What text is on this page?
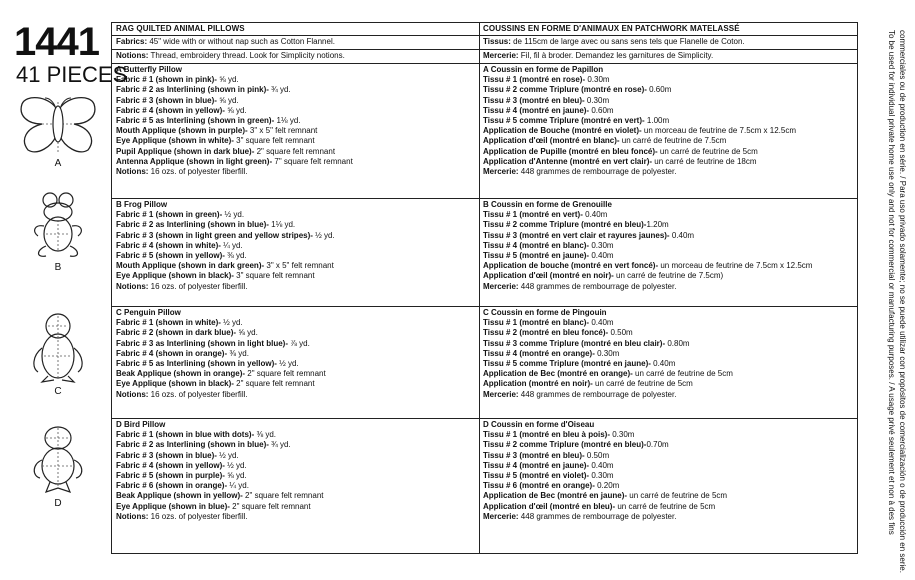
1441
41 PIECES
A
B
C
D
RAG QUILTED ANIMAL PILLOWS
Fabrics: 45" wide with or without nap such as Cotton Flannel.
Notions: Thread, embroidery thread. Look for Simplicity notions.
A Butterfly Pillow
Fabric # 1 (shown in pink)- ⅝ yd.
Fabric # 2 as Interlining (shown in pink)- ¾ yd.
Fabric # 3 (shown in blue)- ⅝ yd.
Fabric # 4 (shown in yellow)- ⅝ yd.
Fabric # 5 as Interlining (shown in green)- 1⅛ yd.
Mouth Applique (shown in purple)- 3" x 5" felt remnant
Eye Applique (shown in white)- 3" square felt remnant
Pupil Applique (shown in dark blue)- 2" square felt remnant
Antenna Applique (shown in light green)- 7" square felt remnant
Notions: 16 ozs. of polyester fiberfill.
B Frog Pillow
Fabric # 1 (shown in green)- ½ yd.
Fabric # 2 as Interlining (shown in blue)- 1⅛ yd.
Fabric # 3 (shown in light green and yellow stripes)- ½ yd.
Fabric # 4 (shown in white)- ¼ yd.
Fabric # 5 (shown in yellow)- ⅜ yd.
Mouth Applique (shown in dark green)- 3" x 5" felt remnant
Eye Applique (shown in black)- 3" square felt remnant
Notions: 16 ozs. of polyester fiberfill.
C Penguin Pillow
Fabric # 1 (shown in white)- ½ yd.
Fabric # 2 (shown in dark blue)- ⅝ yd.
Fabric # 3 as Interlining (shown in light blue)- ⅞ yd.
Fabric # 4 (shown in orange)- ⅜ yd.
Fabric # 5 as Interlining (shown in yellow)- ½ yd.
Beak Applique (shown in orange)- 2" square felt remnant
Eye Applique (shown in black)- 2" square felt remnant
Notions: 16 ozs. of polyester fiberfill.
D Bird Pillow
Fabric # 1 (shown in blue with dots)- ⅜ yd.
Fabric # 2 as Interlining (shown in blue)- ¾ yd.
Fabric # 3 (shown in blue)- ½ yd.
Fabric # 4 (shown in yellow)- ½ yd.
Fabric # 5 (shown in purple)- ⅝ yd.
Fabric # 6 (shown in orange)- ¼ yd.
Beak Applique (shown in yellow)- 2" square felt remnant
Eye Applique (shown in blue)- 2" square felt remnant
Notions: 16 ozs. of polyester fiberfill.
COUSSINS EN FORME D'ANIMAUX EN PATCHWORK MATELASSÉ
Tissus: de 115cm de large avec ou sans sens tels que Flanelle de Coton.
Mercerie: Fil, fil à broder. Demandez les garnitures de Simplicity.
A Coussin en forme de Papillon
Tissu # 1 (montré en rose)- 0.30m
Tissu # 2 comme Triplure (montré en rose)- 0.60m
Tissu # 3 (montré en bleu)- 0.30m
Tissu # 4 (montré en jaune)- 0.60m
Tissu # 5 comme Triplure (montré en vert)- 1.00m
Application de Bouche (montré en violet)- un morceau de feutrine de 7.5cm x 12.5cm
Application d'œil (montré en blanc)- un carré de feutrine de 7.5cm
Application de Pupille (montré en bleu foncé)- un carré de feutrine de 5cm
Application d'Antenne (montré en vert clair)- un carré de feutrine de 18cm
Mercerie: 448 grammes de rembourrage de polyester.
B Coussin en forme de Grenouille
Tissu # 1 (montré en vert)- 0.40m
Tissu # 2 comme Triplure (montré en bleu)-1.20m
Tissu # 3 (montré en vert clair et rayures jaunes)- 0.40m
Tissu # 4 (montré en blanc)- 0.30m
Tissu # 5 (montré en jaune)- 0.40m
Application de bouche (montré en vert foncé)- un morceau de feutrine de 7.5cm x 12.5cm
Application d'œil (montré en noir)- un carré de feutrine de 7.5cm)
Mercerie: 448 grammes de rembourrage de polyester.
C Coussin en forme de Pingouin
Tissu # 1 (montré en blanc)- 0.40m
Tissu # 2 (montré en bleu foncé)- 0.50m
Tissu # 3 comme Triplure (montré en bleu clair)- 0.80m
Tissu # 4 (montré en orange)- 0.30m
Tissu # 5 comme Triplure (montré en jaune)- 0.40m
Application de Bec (montré en orange)- un carré de feutrine de 5cm
Application (montré en noir)- un carré de feutrine de 5cm
Mercerie: 448 grammes de rembourrage de polyester.
D Coussin en forme d'Oiseau
Tissu # 1 (montré en bleu à pois)- 0.30m
Tissu # 2 comme Triplure (montré en bleu)-0.70m
Tissu # 3 (montré en bleu)- 0.50m
Tissu # 4 (montré en jaune)- 0.40m
Tissu # 5 (montré en violet)- 0.30m
Tissu # 6 (montré en orange)- 0.20m
Application de Bec (montré en jaune)- un carré de feutrine de 5cm
Application d'œil (montré en bleu)- un carré de feutrine de 5cm
Mercerie: 448 grammes de rembourrage de polyester.	To be used for individual private home use only and not for commercial or manufacturing purposes. / A usage privé seulement et non à des fins commerciales ou de production en série. / Para uso privado solamente; no se puede utilizar con propósitos de comercialización o de producción en serie.
